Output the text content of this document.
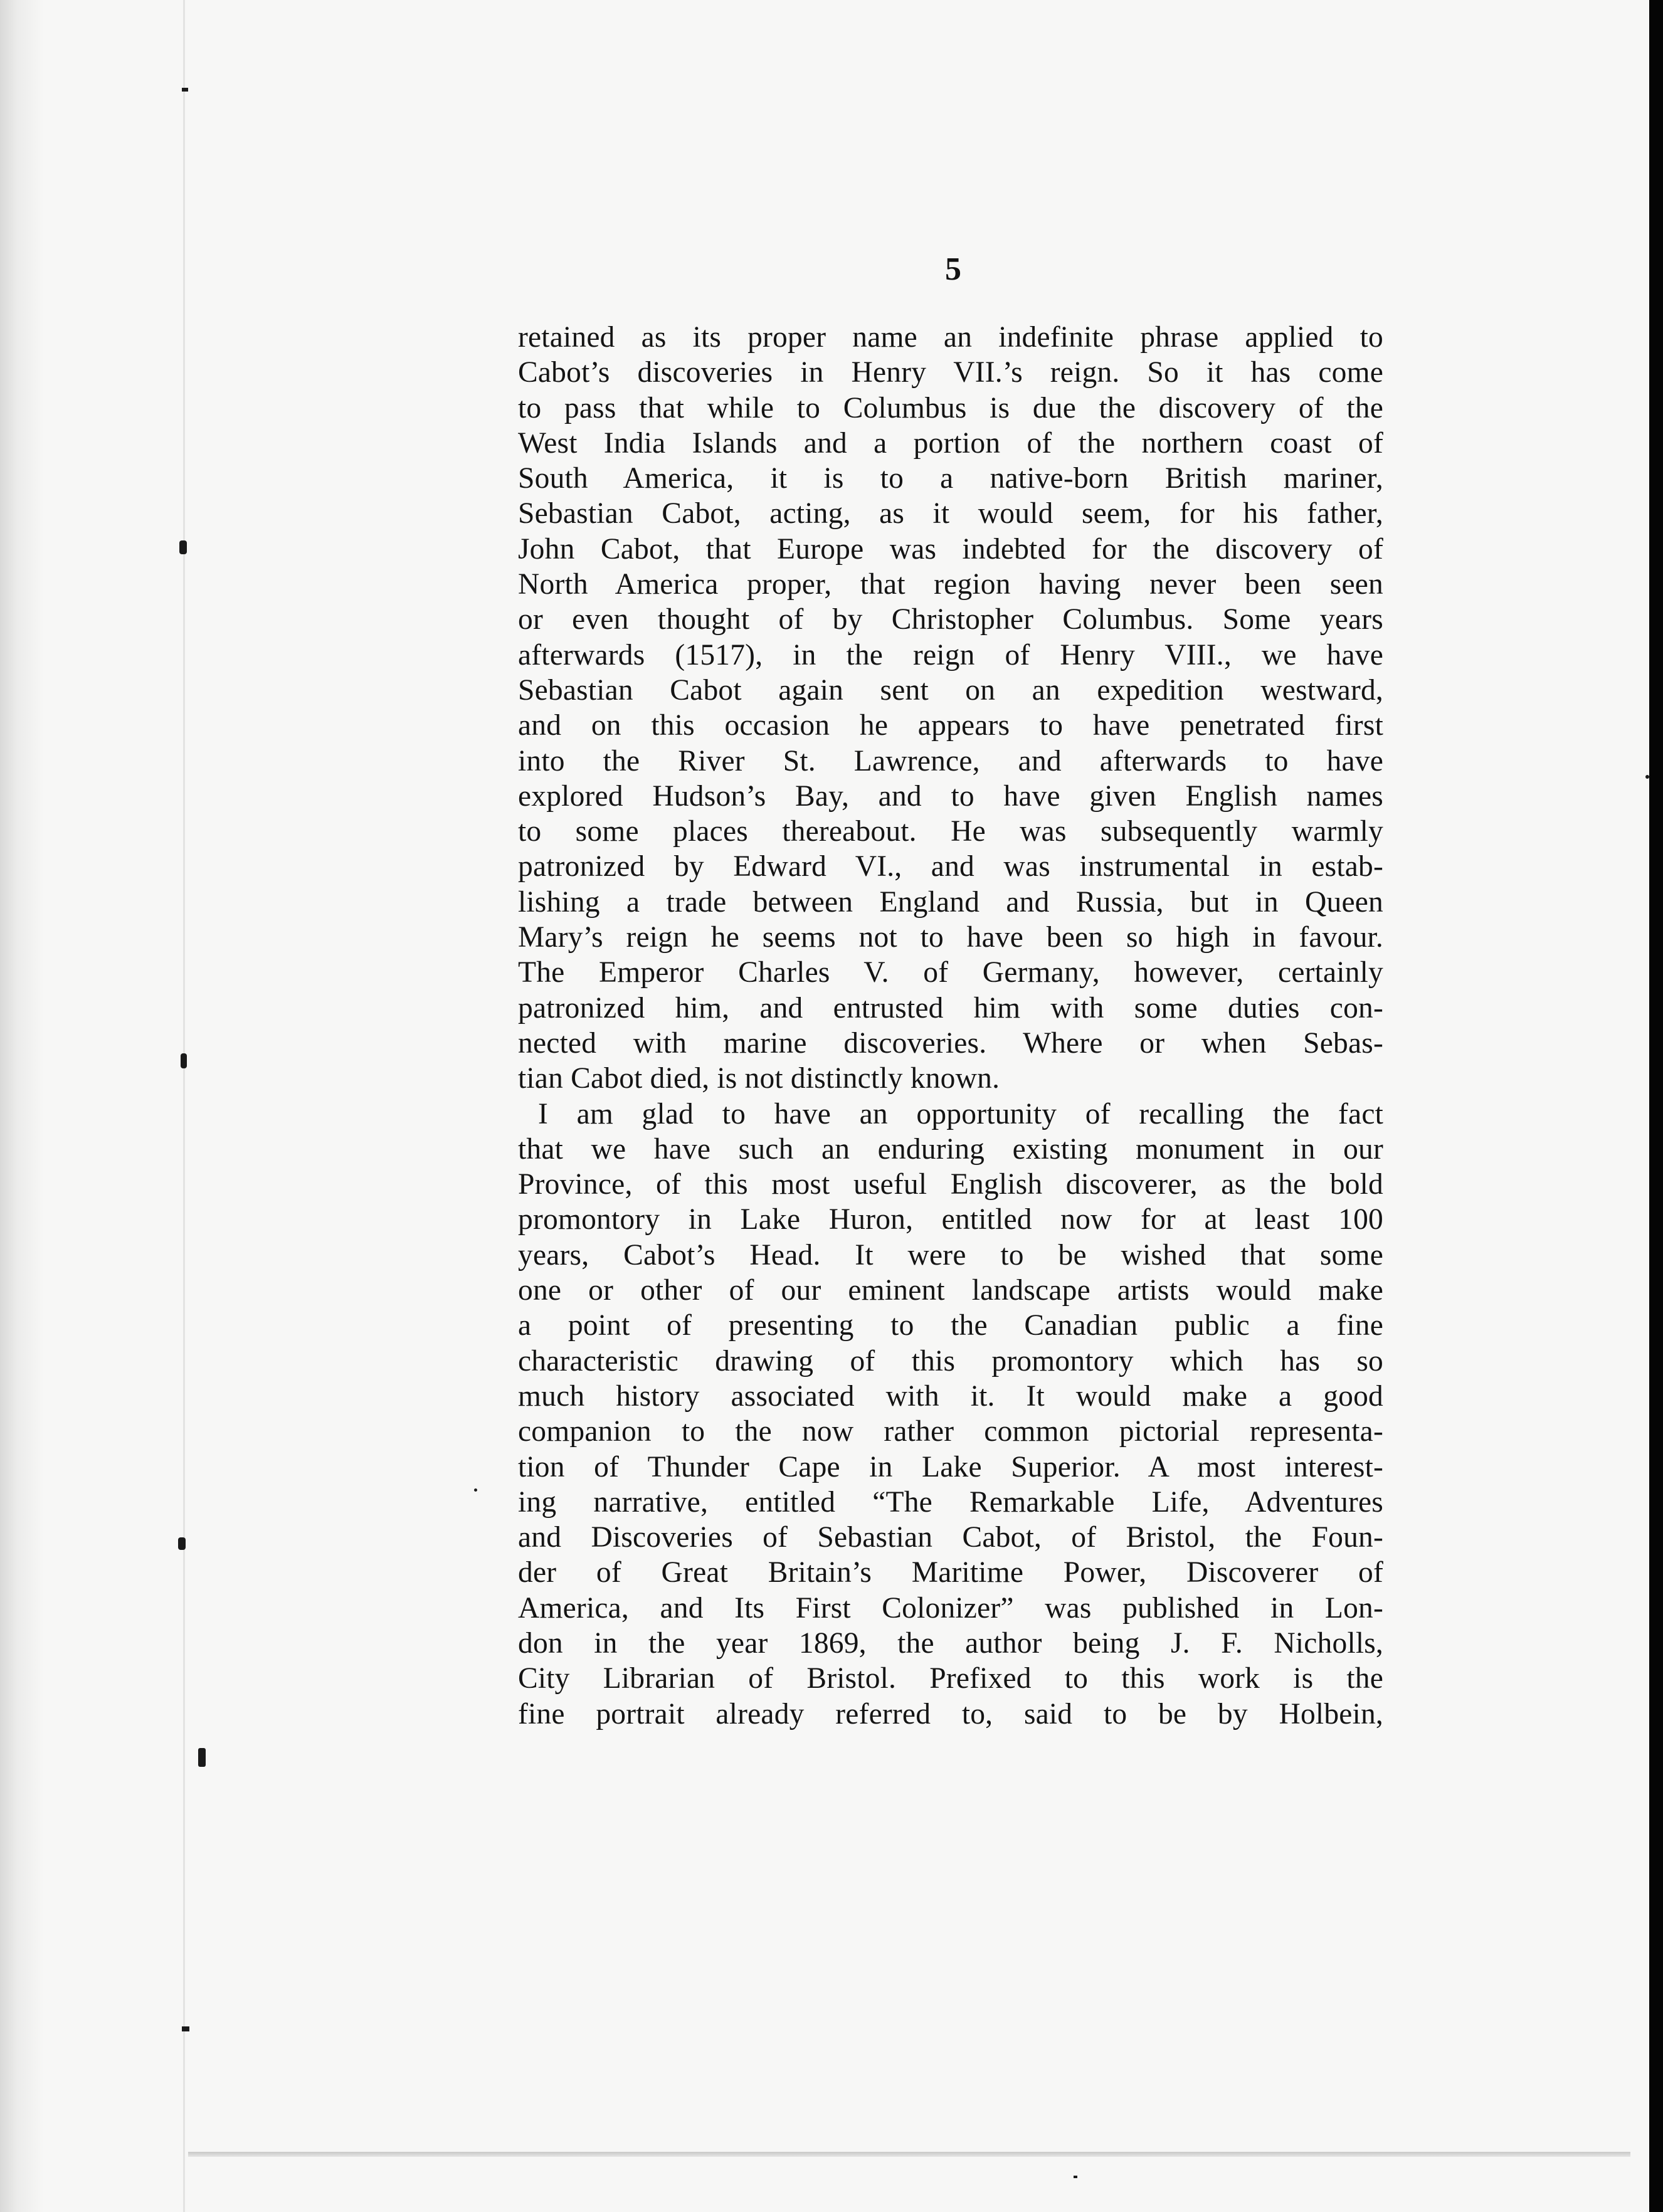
5
retained as its proper name an indefinite phrase applied to
Cabot’s discoveries in Henry VII.’s reign. So it has come
to pass that while to Columbus is due the discovery of the
West India Islands and a portion of the northern coast of
South America, it is to a native-born British mariner,
Sebastian Cabot, acting, as it would seem, for his father,
John Cabot, that Europe was indebted for the discovery of
North America proper, that region having never been seen
or even thought of by Christopher Columbus. Some years
afterwards (1517), in the reign of Henry VIII., we have
Sebastian Cabot again sent on an expedition westward,
and on this occasion he appears to have penetrated first
into the River St. Lawrence, and afterwards to have
explored Hudson’s Bay, and to have given English names
to some places thereabout. He was subsequently warmly
patronized by Edward VI., and was instrumental in estab-
lishing a trade between England and Russia, but in Queen
Mary’s reign he seems not to have been so high in favour.
The Emperor Charles V. of Germany, however, certainly
patronized him, and entrusted him with some duties con-
nected with marine discoveries. Where or when Sebas-
tian Cabot died, is not distinctly known.
I am glad to have an opportunity of recalling the fact
that we have such an enduring existing monument in our
Province, of this most useful English discoverer, as the bold
promontory in Lake Huron, entitled now for at least 100
years, Cabot’s Head. It were to be wished that some
one or other of our eminent landscape artists would make
a point of presenting to the Canadian public a fine
characteristic drawing of this promontory which has so
much history associated with it. It would make a good
companion to the now rather common pictorial representa-
tion of Thunder Cape in Lake Superior. A most interest-
ing narrative, entitled “The Remarkable Life, Adventures
and Discoveries of Sebastian Cabot, of Bristol, the Foun-
der of Great Britain’s Maritime Power, Discoverer of
America, and Its First Colonizer” was published in Lon-
don in the year 1869, the author being J. F. Nicholls,
City Librarian of Bristol. Prefixed to this work is the
fine portrait already referred to, said to be by Holbein,
